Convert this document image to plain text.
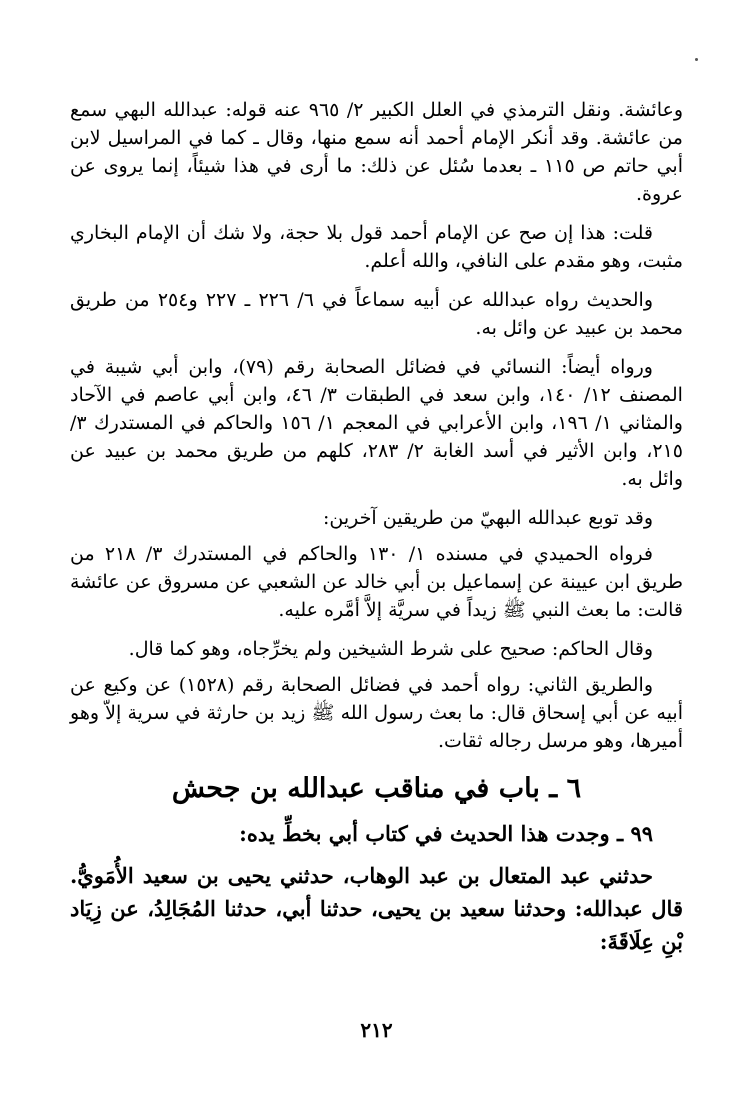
وعائشة. ونقل الترمذي في العلل الكبير ٢/ ٩٦٥ عنه قوله: عبدالله البهي سمع من عائشة. وقد أنكر الإمام أحمد أنه سمع منها، وقال ـ كما في المراسيل لابن أبي حاتم ص ١١٥ ـ بعدما سُئل عن ذلك: ما أرى في هذا شيئاً، إنما يروى عن عروة.

قلت: هذا إن صح عن الإمام أحمد قول بلا حجة، ولا شك أن الإمام البخاري مثبت، وهو مقدم على النافي، والله أعلم.

والحديث رواه عبدالله عن أبيه سماعاً في ٦/ ٢٢٦ ـ ٢٢٧ و٢٥٤ من طريق محمد بن عبيد عن وائل به.

ورواه أيضاً: النسائي في فضائل الصحابة رقم (٧٩)، وابن أبي شيبة في المصنف ١٢/ ١٤٠، وابن سعد في الطبقات ٣/ ٤٦، وابن أبي عاصم في الآحاد والمثاني ١/ ١٩٦، وابن الأعرابي في المعجم ١/ ١٥٦ والحاكم في المستدرك ٣/ ٢١٥، وابن الأثير في أسد الغابة ٢/ ٢٨٣، كلهم من طريق محمد بن عبيد عن وائل به.

وقد توبع عبدالله البهيّ من طريقين آخرين:

فرواه الحميدي في مسنده ١/ ١٣٠ والحاكم في المستدرك ٣/ ٢١٨ من طريق ابن عيينة عن إسماعيل بن أبي خالد عن الشعبي عن مسروق عن عائشة قالت: ما بعث النبي ﷺ زيداً في سريَّة إلاَّ أمَّره عليه.

وقال الحاكم: صحيح على شرط الشيخين ولم يخرِّجاه، وهو كما قال.

والطريق الثاني: رواه أحمد في فضائل الصحابة رقم (١٥٢٨) عن وكيع عن أبيه عن أبي إسحاق قال: ما بعث رسول الله ﷺ زيد بن حارثة في سرية إلاّ وهو أميرها، وهو مرسل رجاله ثقات.

٦ ـ باب في مناقب عبدالله بن جحش

٩٩ ـ وجدت هذا الحديث في كتاب أبي بخطِّ يده:

حدثني عبد المتعال بن عبد الوهاب، حدثني يحيى بن سعيد الأُمَويُّ. قال عبدالله: وحدثنا سعيد بن يحيى، حدثنا أبي، حدثنا المُجَالِدُ، عن زِيَاد بْنِ عِلَاقَةَ:

٢١٢
